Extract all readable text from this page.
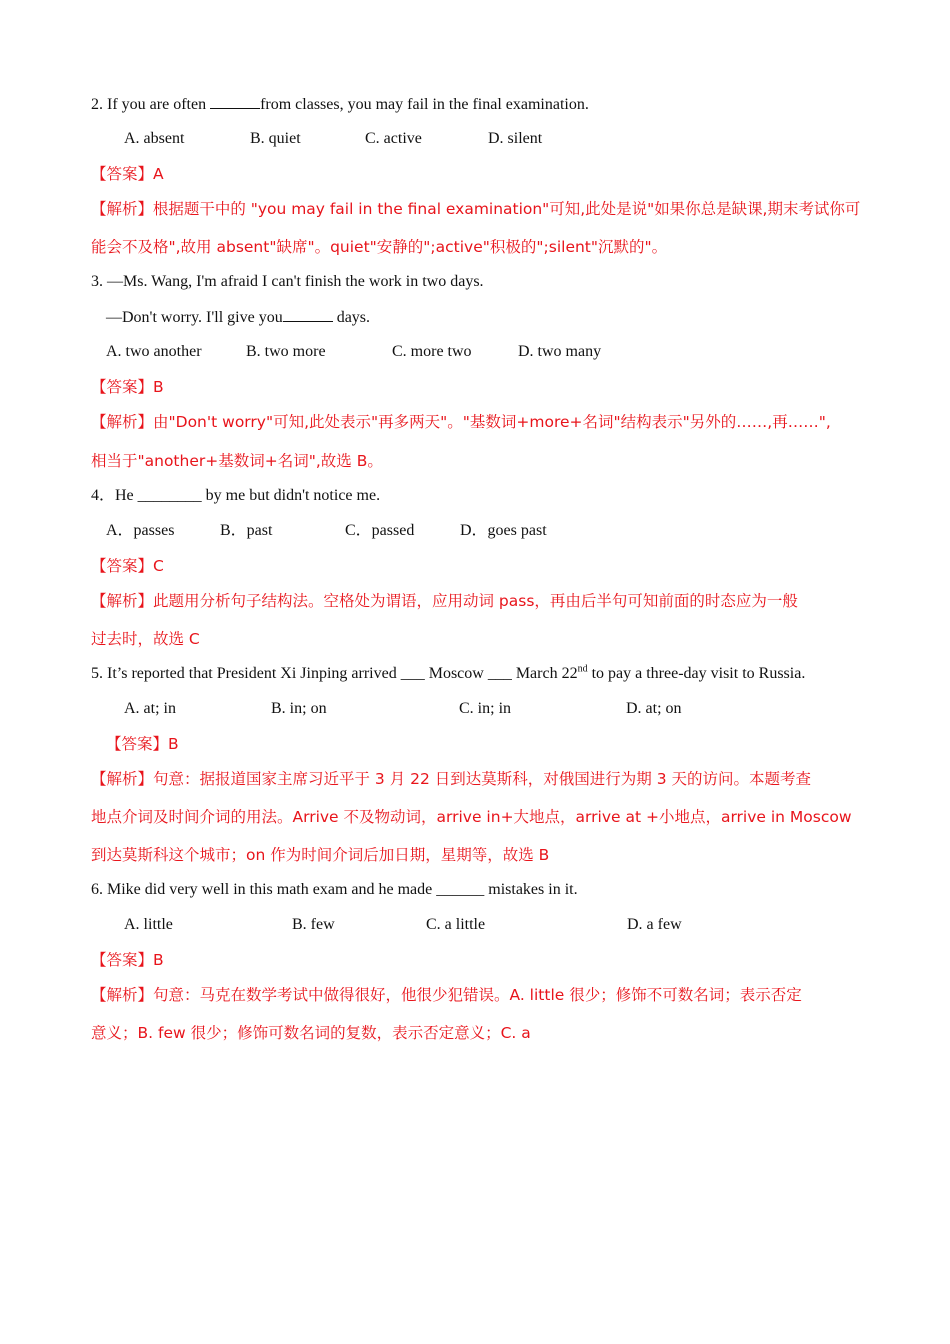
2. If you are often	from classes, you may fail in the final examination.
A. absent	B. quiet	C. active	D. silent
【答案】A
【解析】根据题干中的 "you may fail in the final examination"可知,此处是说"如果你总是缺课,期末考试你可
能会不及格",故用 absent"缺席"。quiet"安静的";active"积极的";silent"沉默的"。
3. —Ms. Wang, I'm afraid I can't finish the work in two days.
—Don't worry. I'll give you	days.
A. two another	B. two more	C. more two	D. two many
【答案】B
【解析】由"Don't worry"可知,此处表示"再多两天"。"基数词+more+名词"结构表示"另外的……,再……",
相当于"another+基数词+名词",故选 B。
4．He ________ by me but didn't notice me.
A．passes	B．past	C．passed	D．goes past
【答案】C
【解析】此题用分析句子结构法。空格处为谓语，应用动词 pass，再由后半句可知前面的时态应为一般
过去时，故选 C
5. It’s reported that President Xi Jinping arrived ___ Moscow ___ March 22nd to pay a three-day visit to Russia.
A. at; in	B. in; on	C. in; in	D. at; on
【答案】B
【解析】句意：据报道国家主席习近平于 3 月 22 日到达莫斯科，对俄国进行为期 3 天的访问。本题考查
地点介词及时间介词的用法。Arrive 不及物动词，arrive in+大地点，arrive at +小地点，arrive in Moscow
到达莫斯科这个城市；on 作为时间介词后加日期，星期等，故选 B
6. Mike did very well in this math exam and he made ______ mistakes in it.
A. little	B. few	C. a little	D. a few
【答案】B
【解析】句意：马克在数学考试中做得很好，他很少犯错误。A. little 很少；修饰不可数名词；表示否定
意义；B. few 很少；修饰可数名词的复数，表示否定意义；C. a
